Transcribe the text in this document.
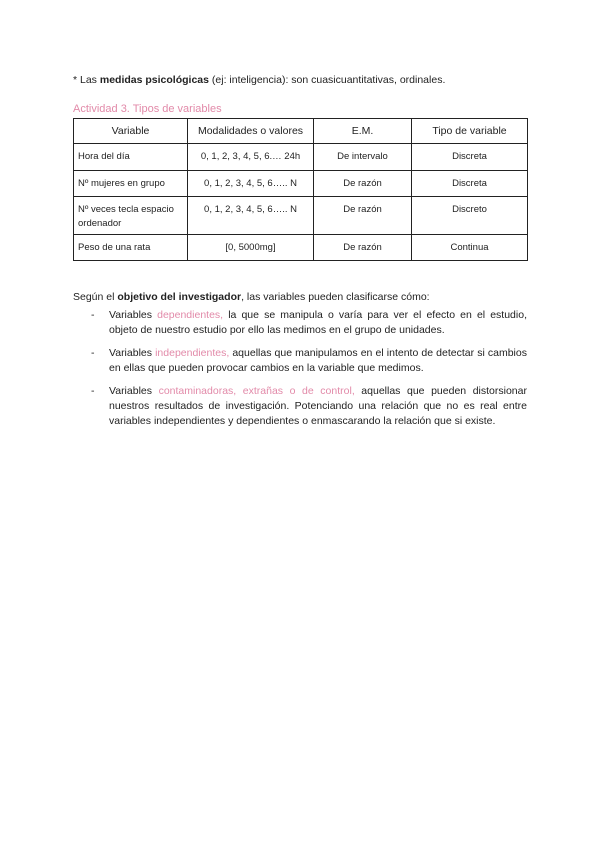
* Las medidas psicológicas (ej: inteligencia): son cuasicuantitativas, ordinales.
Actividad 3. Tipos de variables
Variable	Modalidades o valores	E.M.	Tipo de variable
Hora del día	0, 1, 2, 3, 4, 5, 6.… 24h	De intervalo	Discreta
Nº mujeres en grupo	0, 1, 2, 3, 4, 5, 6….. N	De razón	Discreta
Nº veces tecla espacio ordenador	0, 1, 2, 3, 4, 5, 6….. N	De razón	Discreto
Peso de una rata	[0, 5000mg]	De razón	Continua
Según el objetivo del investigador, las variables pueden clasificarse cómo:
- Variables dependientes, la que se manipula o varía para ver el efecto en el estudio, objeto de nuestro estudio por ello las medimos en el grupo de unidades.
- Variables independientes, aquellas que manipulamos en el intento de detectar si cambios en ellas que pueden provocar cambios en la variable que medimos.
- Variables contaminadoras, extrañas o de control, aquellas que pueden distorsionar nuestros resultados de investigación. Potenciando una relación que no es real entre variables independientes y dependientes o enmascarando la relación que si existe.
